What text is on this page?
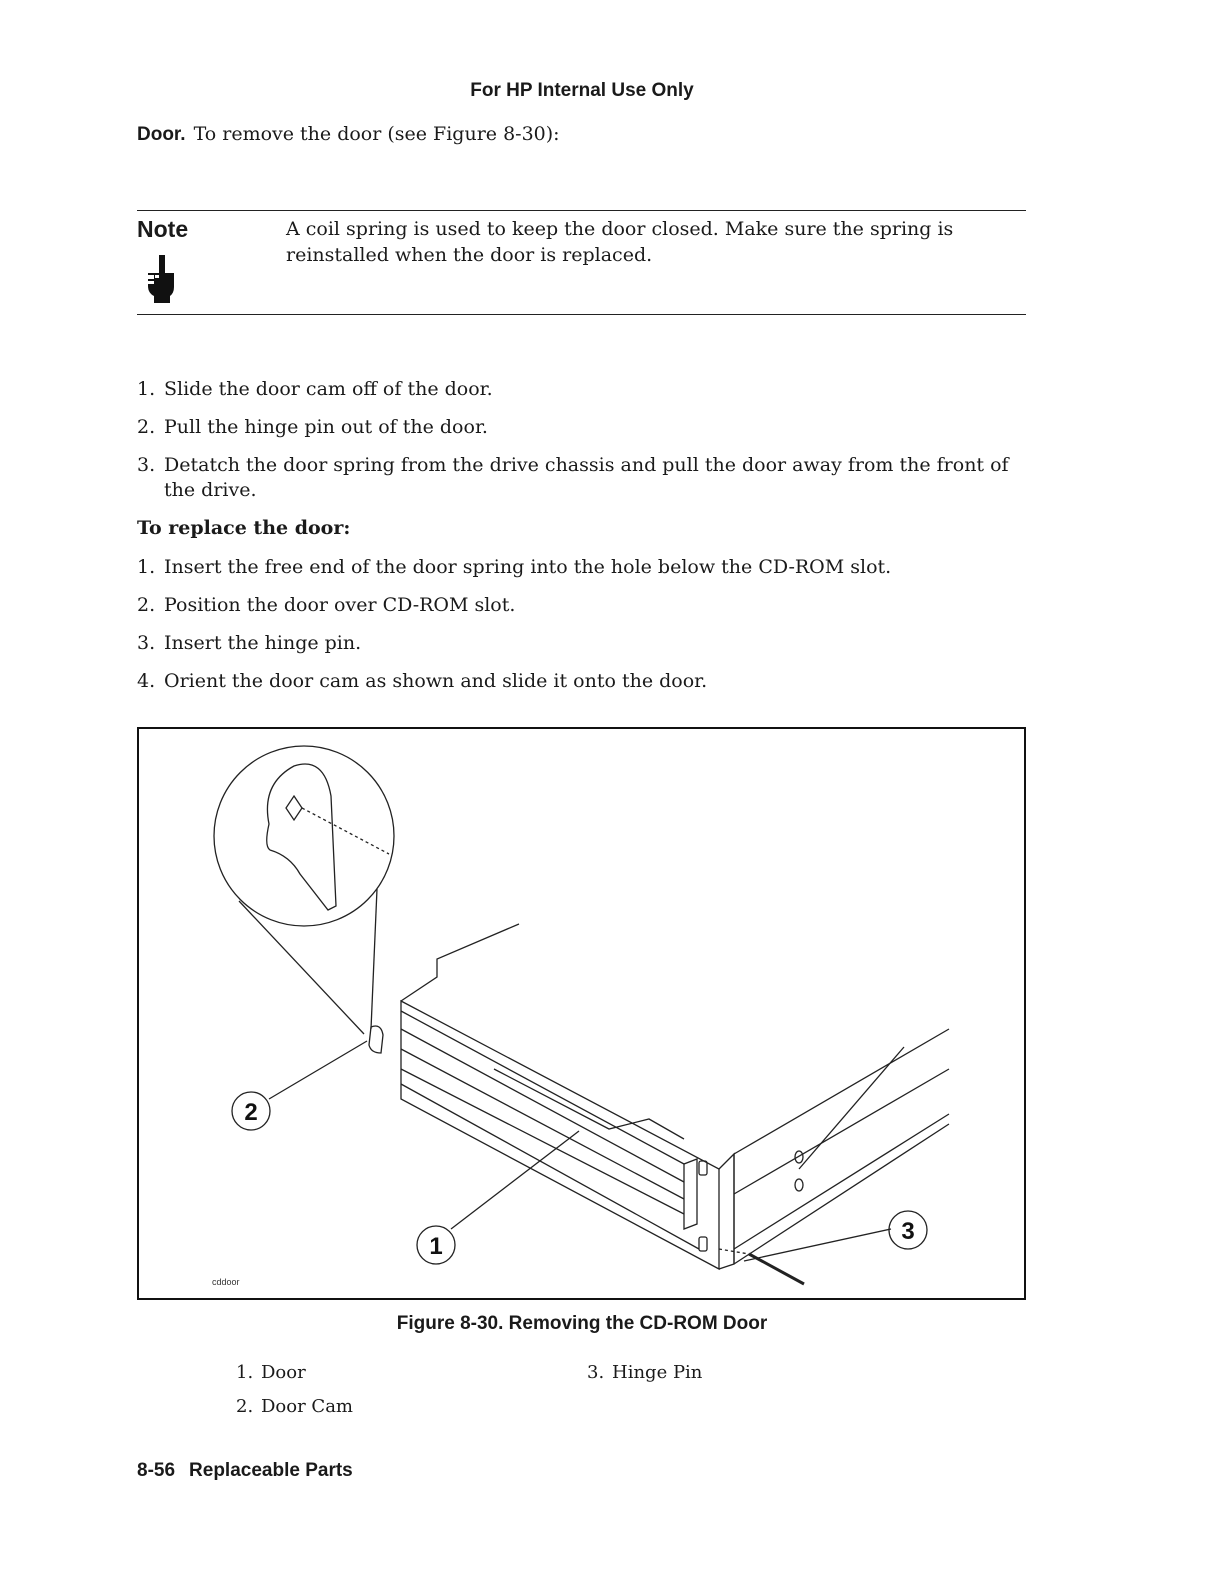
For HP Internal Use Only
Door. To remove the door (see Figure 8-30):
Note	A coil spring is used to keep the door closed. Make sure the spring is reinstalled when the door is replaced.
1. Slide the door cam off of the door.
2. Pull the hinge pin out of the door.
3. Detatch the door spring from the drive chassis and pull the door away from the front of the drive.
To replace the door:
1. Insert the free end of the door spring into the hole below the CD-ROM slot.
2. Position the door over CD-ROM slot.
3. Insert the hinge pin.
4. Orient the door cam as shown and slide it onto the door.
2
1
3
cddoor
Figure 8-30. Removing the CD-ROM Door
1. Door
2. Door Cam
3. Hinge Pin
8-56 Replaceable Parts
